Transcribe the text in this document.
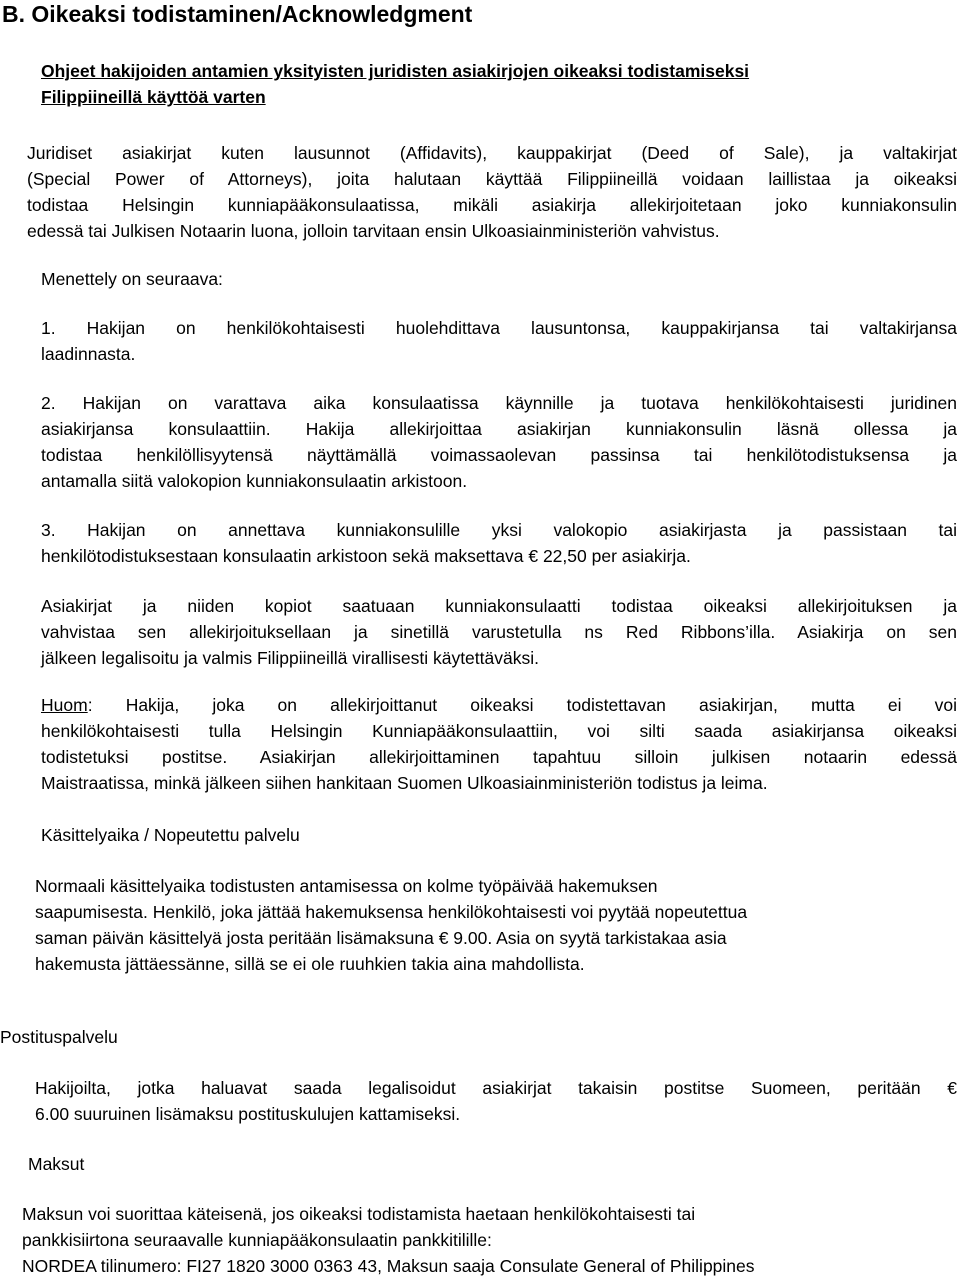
B. Oikeaksi todistaminen/Acknowledgment
Ohjeet hakijoiden antamien yksityisten juridisten asiakirjojen oikeaksi todistamiseksi
Filippiineillä käyttöä varten
Juridiset asiakirjat kuten lausunnot (Affidavits), kauppakirjat (Deed of Sale), ja valtakirjat
(Special Power of Attorneys), joita halutaan käyttää Filippiineillä voidaan laillistaa ja oikeaksi
todistaa Helsingin kunniapääkonsulaatissa, mikäli asiakirja allekirjoitetaan joko kunniakonsulin
edessä tai Julkisen Notaarin luona, jolloin tarvitaan ensin Ulkoasiainministeriön vahvistus.
Menettely on seuraava:
1. Hakijan on henkilökohtaisesti huolehdittava lausuntonsa, kauppakirjansa tai valtakirjansa
laadinnasta.
2. Hakijan on varattava aika konsulaatissa käynnille ja tuotava henkilökohtaisesti juridinen
asiakirjansa konsulaattiin. Hakija allekirjoittaa asiakirjan kunniakonsulin läsnä ollessa ja
todistaa henkilöllisyytensä näyttämällä voimassaolevan passinsa tai henkilötodistuksensa ja
antamalla siitä valokopion kunniakonsulaatin arkistoon.
3. Hakijan on annettava kunniakonsulille yksi valokopio asiakirjasta ja passistaan tai
henkilötodistuksestaan konsulaatin arkistoon sekä maksettava € 22,50 per asiakirja.
Asiakirjat ja niiden kopiot saatuaan kunniakonsulaatti todistaa oikeaksi allekirjoituksen ja
vahvistaa sen allekirjoituksellaan ja sinetillä varustetulla ns Red Ribbons’illa. Asiakirja on sen
jälkeen legalisoitu ja valmis Filippiineillä virallisesti käytettäväksi.
Huom: Hakija, joka on allekirjoittanut oikeaksi todistettavan asiakirjan, mutta ei voi
henkilökohtaisesti tulla Helsingin Kunniapääkonsulaattiin, voi silti saada asiakirjansa oikeaksi
todistetuksi postitse. Asiakirjan allekirjoittaminen tapahtuu silloin julkisen notaarin edessä
Maistraatissa, minkä jälkeen siihen hankitaan Suomen Ulkoasiainministeriön todistus ja leima.
Käsittelyaika / Nopeutettu palvelu
Normaali käsittelyaika todistusten antamisessa on kolme työpäivää hakemuksen
saapumisesta. Henkilö, joka jättää hakemuksensa henkilökohtaisesti voi pyytää nopeutettua
saman päivän käsittelyä josta peritään lisämaksuna € 9.00. Asia on syytä tarkistakaa asia
hakemusta jättäessänne, sillä se ei ole ruuhkien takia aina mahdollista.
Postituspalvelu
Hakijoilta, jotka haluavat saada legalisoidut asiakirjat takaisin postitse Suomeen, peritään €
6.00 suuruinen lisämaksu postituskulujen kattamiseksi.
Maksut
Maksun voi suorittaa käteisenä, jos oikeaksi todistamista haetaan henkilökohtaisesti tai
pankkisiirtona seuraavalle kunniapääkonsulaatin pankkitilille:
NORDEA tilinumero: FI27 1820 3000 0363 43, Maksun saaja Consulate General of Philippines
